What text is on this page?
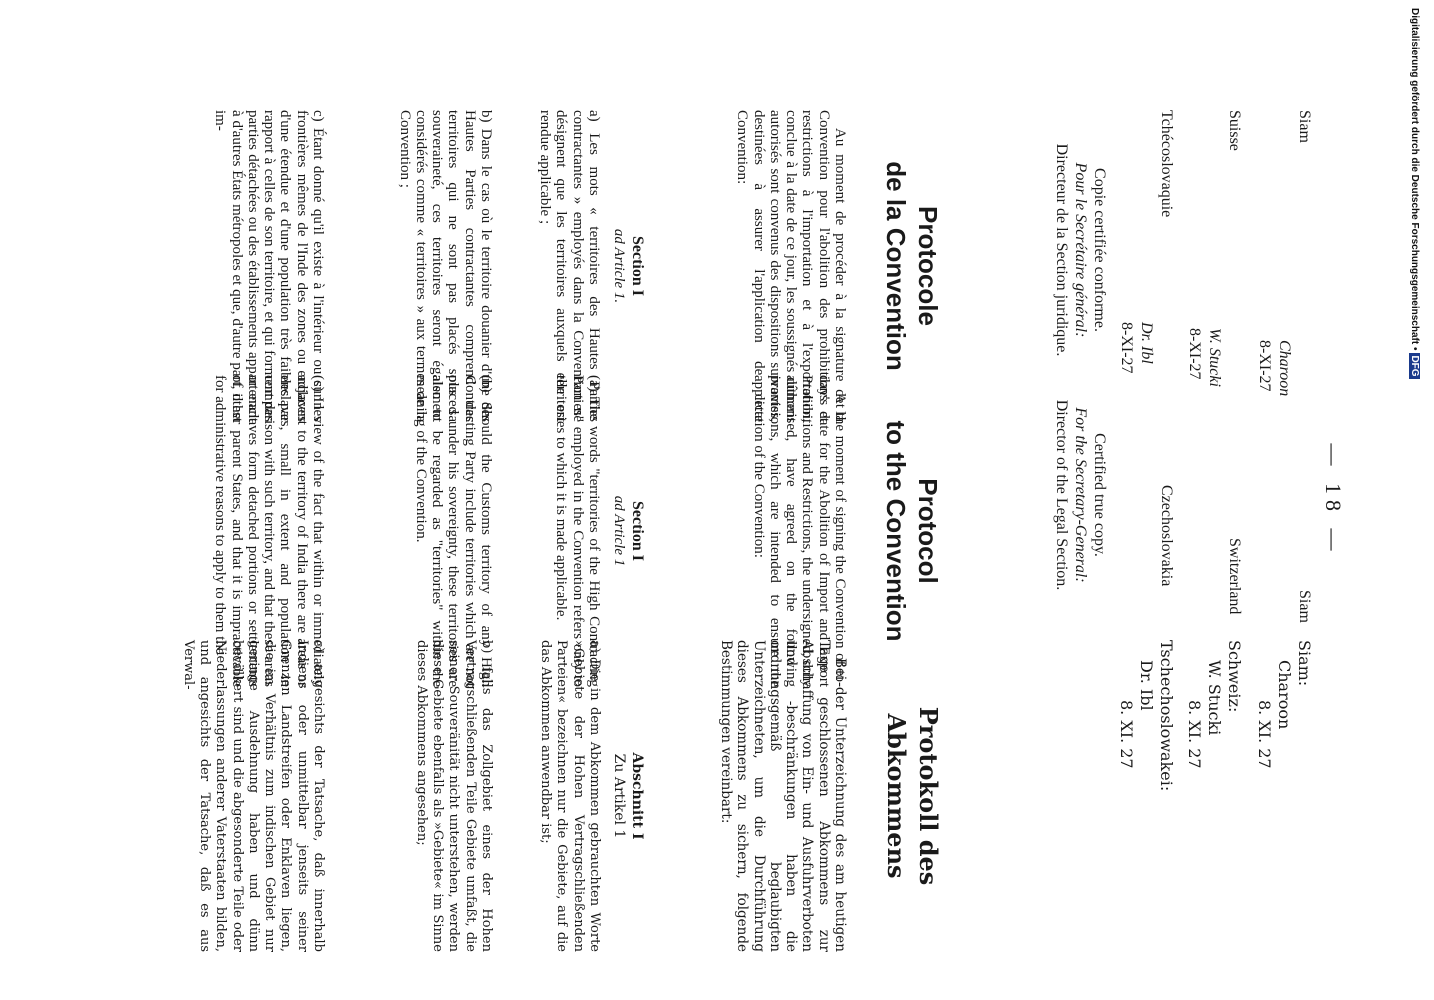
— 18 —
Siam
Charoon
8-XI-27
Suisse
W. Stucki
8-XI-27
Tchécoslovaquie
Dr. Ibl
8-XI-27
Siam
Switzerland
Czechoslovakia
Siam:
Charoon
8. XI. 27
Schweiz:
W. Stucki
8. XI. 27
Tschechoslowakei:
Dr. Ibl
8. XI. 27
Copie certifiée conforme.
Pour le Secrétaire général:
Directeur de la Section juridique.
Certified true copy.
For the Secretary-General:
Director of the Legal Section.
Protocole
de la Convention

Au moment de procéder à la signature de la Convention pour l'abolition des prohibitions et restrictions à l'importation et à l'exportation, conclue à la date de ce jour, les soussignés dûment autorisés sont convenus des dispositions suivantes, destinées à assurer l'application de cette Convention:

Section I
ad Article 1.
a) Les mots « territoires des Hautes Parties contractantes » employés dans la Convention ne désignent que les territoires auxquels elle est rendue applicable ;
b) Dans le cas où le territoire douanier d'une des Hautes Parties contractantes comprend des territoires qui ne sont pas placés sous sa souveraineté, ces territoires seront également considérés comme « territoires » aux termes de la Convention ;
c) Étant donné qu'il existe à l'intérieur ou sur les frontières mêmes de l'Inde des zones ou enclaves d'une étendue et d'une population très faibles par rapport à celles de son territoire, et qui forment des parties détachées ou des établissements appartenant à d'autres États métropoles et que, d'autre part, il est im-
Protocol
to the Convention

At the moment of signing the Convention of to-day's date for the Abolition of Import and Export Prohibitions and Restrictions, the undersigned, duly authorised, have agreed on the following provisions, which are intended to ensure the application of the Convention:

Section I
ad Article 1
(a) The words "territories of the High Contracting Parties" employed in the Convention refers only to territories to which it is made applicable.
(b) Should the Customs territory of any High Contracting Party include territories which are not placed under his sovereignty, these territories are also to be regarded as "territories" within the meaning of the Convention.
(c) In view of the fact that within or immediately adjacent to the territory of India there are areas or enclaves, small in extent and population in comparison with such territory, and that these areas or enclaves form detached portions or settlements of other parent States, and that it is impracticable for administrative reasons to apply to them the
Protokoll des
Abkommens

Bei der Unterzeichnung des am heutigen Tage geschlossenen Abkommens zur Abschaffung von Ein- und Ausfuhrverboten und -beschränkungen haben die ordnungsgemäß beglaubigten Unterzeichneten, um die Durchführung dieses Abkommens zu sichern, folgende Bestimmungen vereinbart:

Abschnitt I
Zu Artikel 1
a) Die in dem Abkommen gebrauchten Worte »Gebiete der Hohen Vertragschließenden Parteien« bezeichnen nur die Gebiete, auf die das Abkommen anwendbar ist;
b) falls das Zollgebiet eines der Hohen Vertragschließenden Teile Gebiete umfaßt, die seiner Souveränität nicht unterstehen, werden diese Gebiete ebenfalls als »Gebiete« im Sinne dieses Abkommens angesehen;
c) angesichts der Tatsache, daß innerhalb Indiens oder unmittelbar jenseits seiner Grenzen Landstreifen oder Enklaven liegen, die im Verhältnis zum indischen Gebiet nur geringe Ausdehnung haben und dünn bevölkert sind und die abgesonderte Teile oder Niederlassungen anderer Vaterstaaten bilden, und angesichts der Tatsache, daß es aus Verwal-
Digitalisierung gefördert durch die Deutsche Forschungsgemeinschaft •DFG
